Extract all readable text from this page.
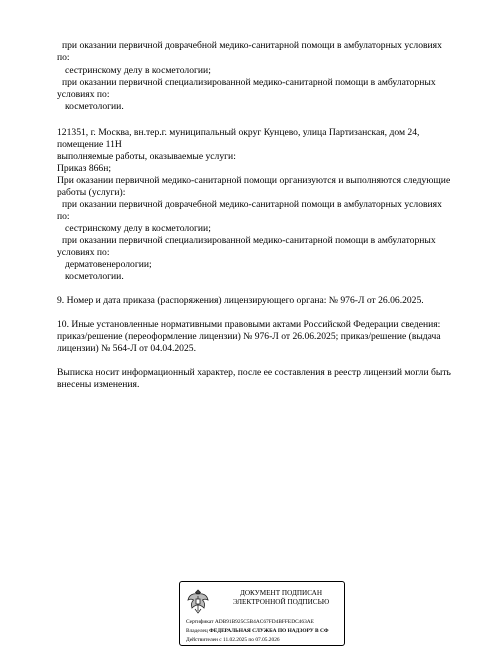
при оказании первичной доврачебной медико-санитарной помощи в амбулаторных условиях
по:
сестринскому делу в косметологии;
при оказании первичной специализированной медико-санитарной помощи в амбулаторных
условиях по:
косметологии.
121351, г. Москва, вн.тер.г. муниципальный округ Кунцево, улица Партизанская, дом 24,
помещение 11Н
выполняемые работы, оказываемые услуги:
Приказ 866н;
При оказании первичной медико-санитарной помощи организуются и выполняются следующие
работы (услуги):
при оказании первичной доврачебной медико-санитарной помощи в амбулаторных условиях
по:
сестринскому делу в косметологии;
при оказании первичной специализированной медико-санитарной помощи в амбулаторных
условиях по:
дерматовенерологии;
косметологии.
9. Номер и дата приказа (распоряжения) лицензирующего органа: № 976-Л от 26.06.2025.
10. Иные установленные нормативными правовыми актами Российской Федерации сведения:
приказ/решение (переоформление лицензии) № 976-Л от 26.06.2025; приказ/решение (выдача
лицензии) № 564-Л от 04.04.2025.
Выписка носит информационный характер, после ее составления в реестр лицензий могли быть
внесены изменения.
ДОКУМЕНТ ПОДПИСАН
ЭЛЕКТРОННОЙ ПОДПИСЬЮ
Сертификат ADB91B925C5B4AC67FD4BFFEDC463AE
Владелец ФЕДЕРАЛЬНАЯ СЛУЖБА ПО НАДЗОРУ В СФ
Действителен с 11.02.2025 по 07.05.2026
